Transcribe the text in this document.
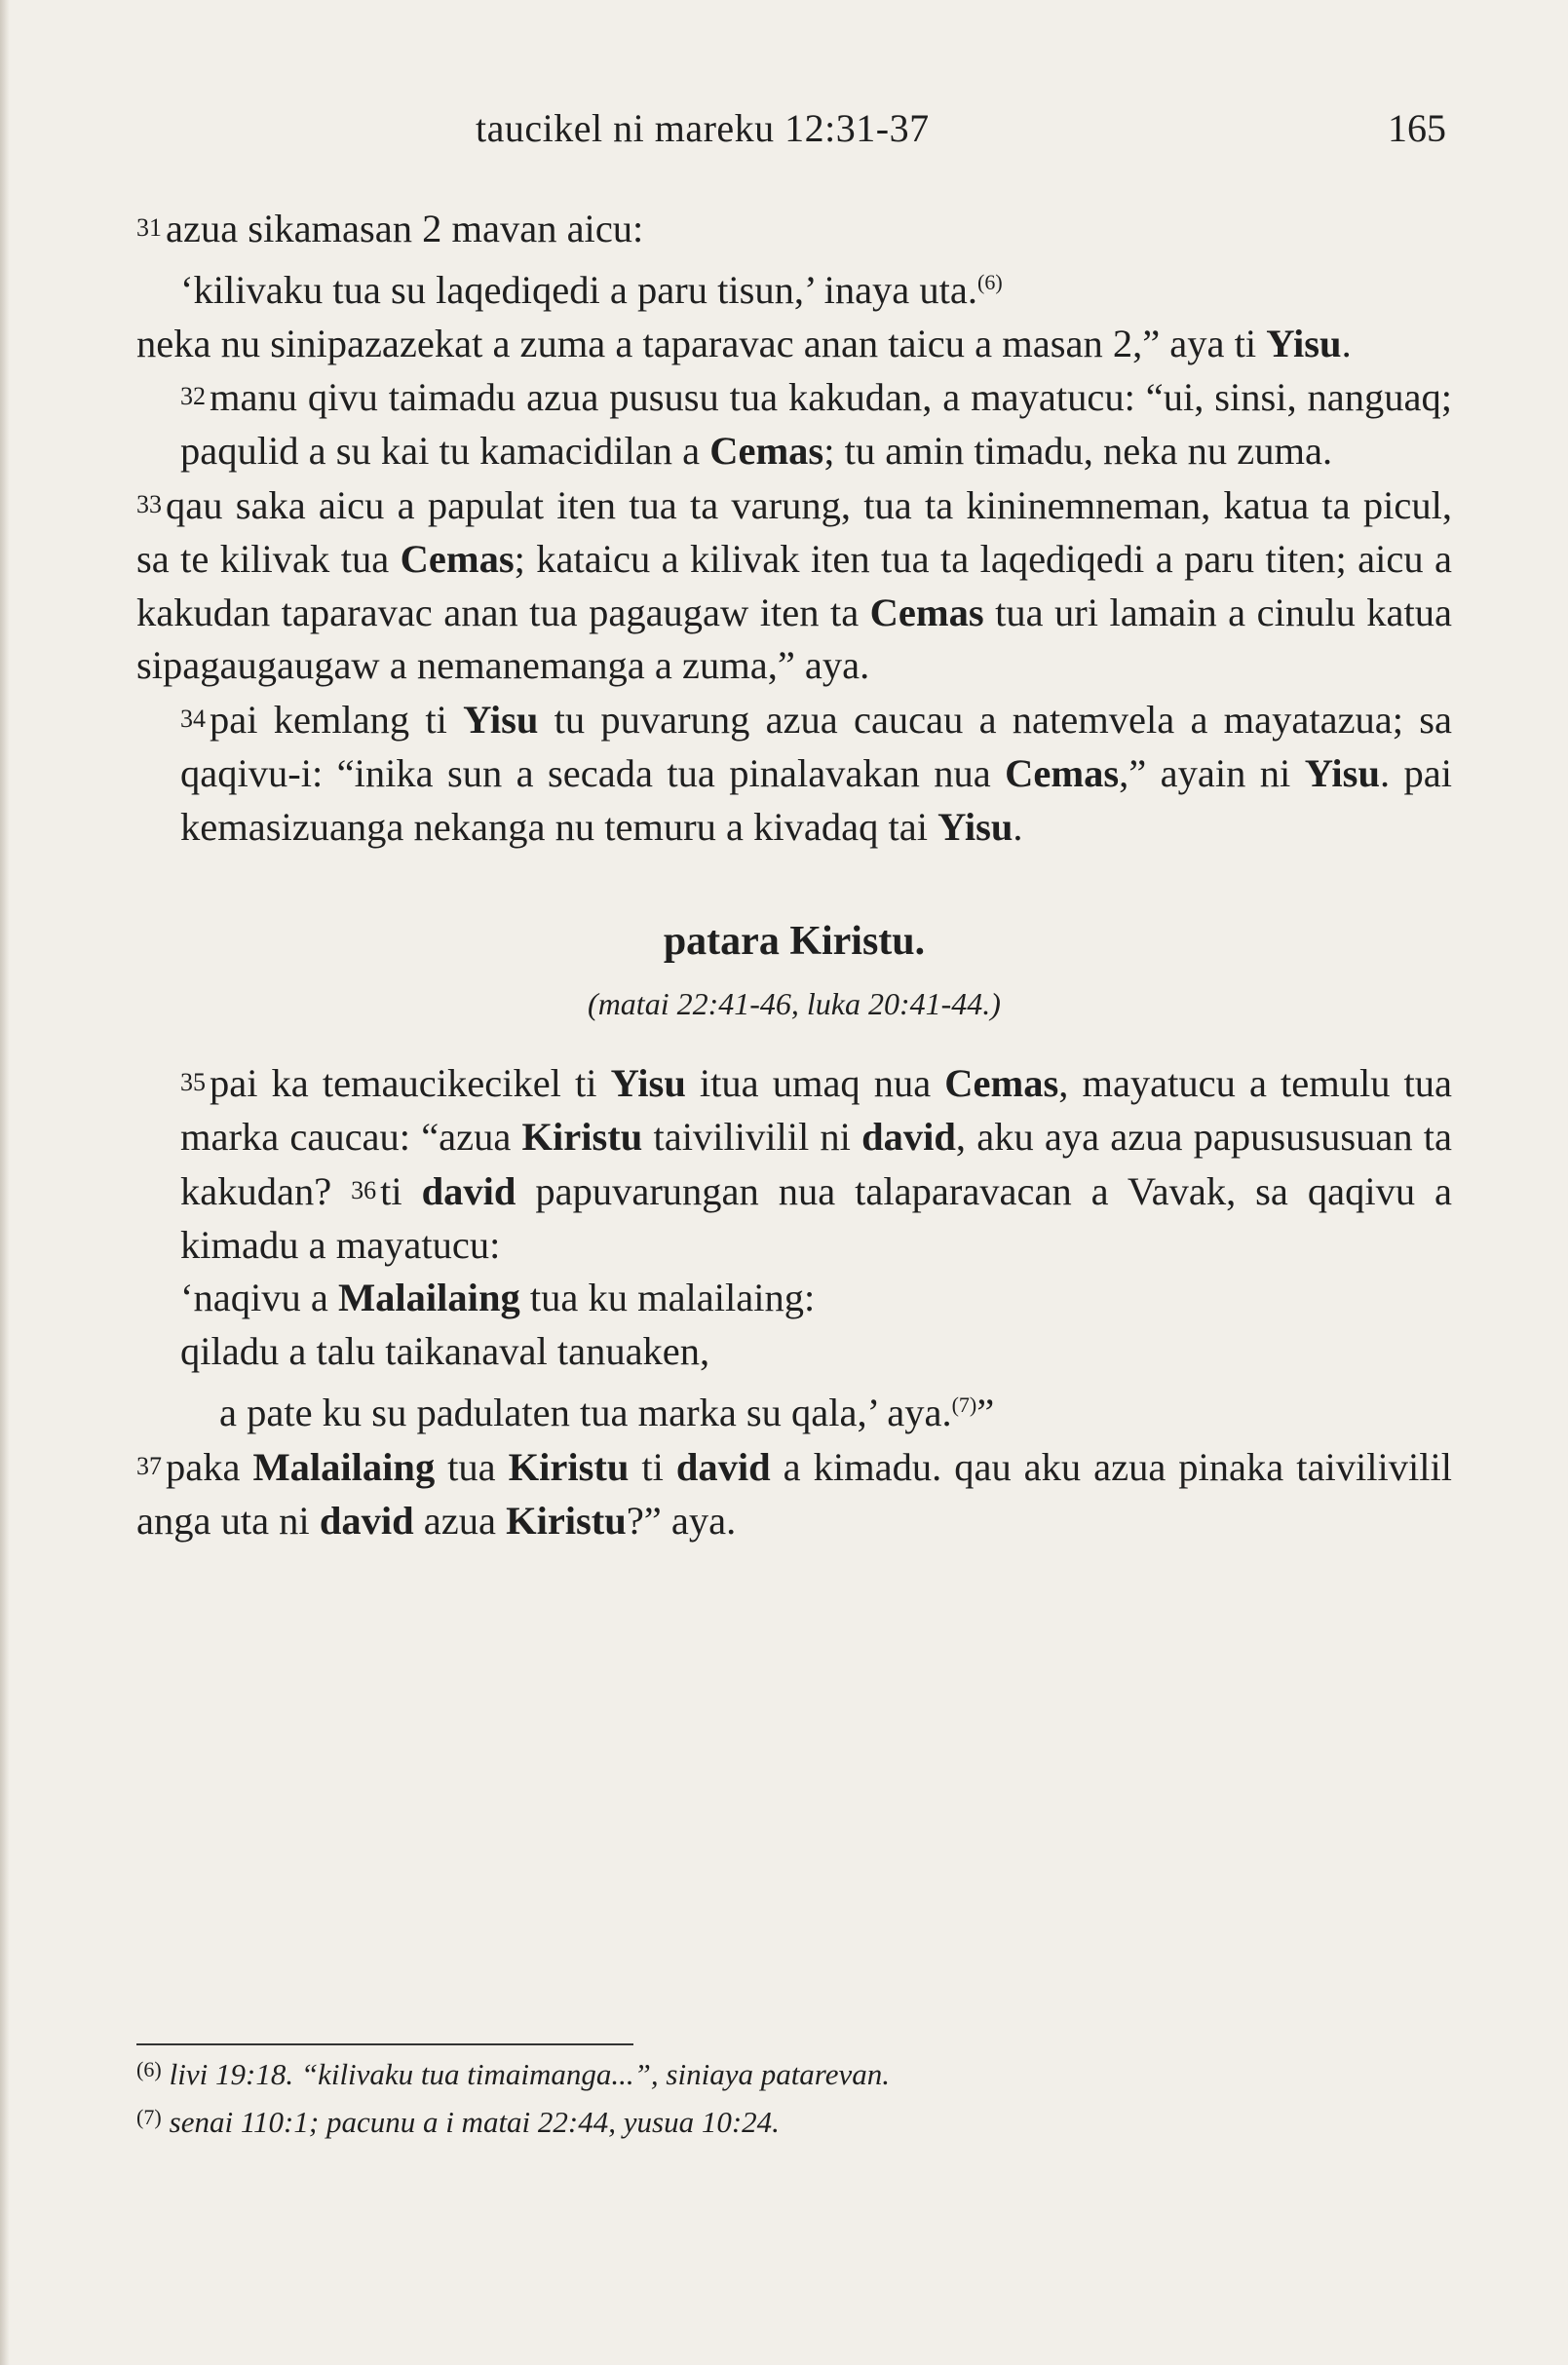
taucikel ni mareku 12:31-37	165

31azua sikamasan 2 mavan aicu:

‘kilivaku tua su laqediqedi a paru tisun,’ inaya uta.$^{(6)}$

neka nu sinipazazekat a zuma a taparavac anan taicu a masan 2,” aya ti Yisu.

32manu qivu taimadu azua pususu tua kakudan, a mayatucu: “ui, sinsi, nanguaq; paqulid a su kai tu kamacidilan a Cemas; tu amin timadu, neka nu zuma.

33qau saka aicu a papulat iten tua ta varung, tua ta kininemneman, katua ta picul, sa te kilivak tua Cemas; kataicu a kilivak iten tua ta laqediqedi a paru titen; aicu a kakudan taparavac anan tua pagaugaw iten ta Cemas tua uri lamain a cinulu katua sipagaugaugaw a nemanemanga a zuma,” aya.

34pai kemlang ti Yisu tu puvarung azua caucau a natemvela a mayatazua; sa qaqivu-i: “inika sun a secada tua pinalavakan nua Cemas,” ayain ni Yisu. pai kemasizuanga nekanga nu temuru a kivadaq tai Yisu.

patara Kiristu.

(matai 22:41-46, luka 20:41-44.)

35pai ka temaucikecikel ti Yisu itua umaq nua Cemas, mayatucu a temulu tua marka caucau: “azua Kiristu taivilivilil ni david, aku aya azua papusususuan ta kakudan? 36ti david papuvarungan nua talaparavacan a Vavak, sa qaqivu a kimadu a mayatucu:

‘naqivu a Malailaing tua ku malailaing:

qiladu a talu taikanaval tanuaken,

a pate ku su padulaten tua marka su qala,’ aya.$^{(7)}$”

37paka Malailaing tua Kiristu ti david a kimadu. qau aku azua pinaka taivilivilil anga uta ni david azua Kiristu?” aya.

$^{(6)}$ livi 19:18. “kilivaku tua timaimanga...”, siniaya patarevan.
$^{(7)}$ senai 110:1; pacunu a i matai 22:44, yusua 10:24.
